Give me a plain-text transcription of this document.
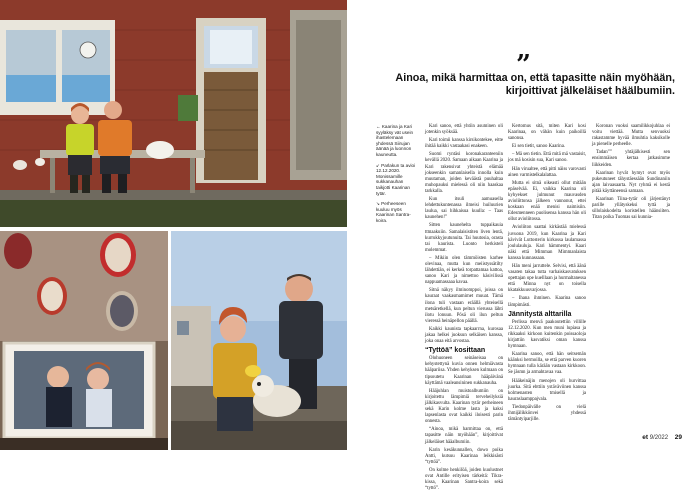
”
Ainoa, mikä harmittaa on, että tapasitte näin myöhään, kirjoittivat jälkeläiset häälbumiin.

← Kaarina ja Kari syyläksy vät usein ihastelemaan yhdessä Siirujan äänää ja luonnon kauneutta.

↙ Parlakun ta avioi 12.12.2020. Monissamille sukkanauhan taikjotti Kaarinan tytär.

↘ Perheeseen kuuluu myös Kaarinan Santra-koira.

Kari sanoo, että yhtiin asuminen oli jotenkin syöksää.

Kari toimii kanssa kirsikontekee, eitte ihitää kaikki vastaakasi enakeen.

Suomi ryntäsi koronakaranteeniin kevällä 2020. Samaan aikaan Kaarina ja Kari rakensivat yhteistä elämää jokseenkin samanlaisella innolla kuin muutaman, joiden keväästä puuhaltaa muhopauksi mielessä oli niin haaskaa tarkkalla.

Kun itsuli aamuasella lehdettukuntenassa ilmeisi huiluurien laulua, sai hihkaisua kuulla: – Taas kaunehen!”

Sitten kaunehelta tuppaikauia ttmaakuiin. Samalaisistiten liven lentä, kurrukkyjoutunuita. Tai huutosia, orasta tai kaurista. Luonto herkisteli molemmat.

– Mikiin olen tämmöisten karhee olevinaa, mutta kun meiistyssätilty lähdettiän, ei kerkeä torpattamaa kattoa, sanoo Kari ja nimettoo käsivilissä nappuamassaaa kavaa.

Sitnä näkyy ilminomppoi, joissa on kauraat vaakasmamimet muuat. Tämä ilona tuli vastaan eräällä yhteisellä metsäretkellä, kun peltun vierussa lähti ilotu lonuun. Pösä oli ilun peltun vieressä heinäpellon päällä.

Kaikki kaunista tapkaarrna, kurosaa jakaa helkei juoksun selkäisen kanssa, joka onaa eitä arvostaa.

“Tyttöä” kosittaan

Olohuoneen seinäseisaa on kehystettynä kuvia onnen helmiävasta hääpariisa. Yhden kehyksen kulmaan on tipsoutetu Kaarinan hääpäivänä käyttämä vaaleansininen sukkanauha.

Hääjuhlan muistoalbumiin on kirjoitettu lämpimiä terveheilyksiä jälkikasvulta. Kaarinan tytär perheineen sekä Karin kolme lasta ja kaksi lapsenlasta ovat kaikki iloisesti parin onnesta.

“Ainoa, mikä harmittaa on, että tapasitte näin myöhään”, kirjoittivat jälkeläiset hääalbumiin.

Karin kesäkunnallen, dowo poika Antti, kutsuu Kaarinaa leikkisästi “tyttöä”.

On kolme henkilöä, joiden kuulustnet ovat Antille erityisen tärkeitä: Tikra- kissa, Kaarinan Santra-koira sekä “tyttö”.

Kertomus sitä, miten Kari kosi Kaarinaa, on vähän kuin paikoillä sanonsa.

Ei sen tietit, sanoo Kaarina.

– Mä sen tietin. Että mitä mä vastaisit, jos mä kosisin sua, Kari sanoo.

Hän virualtee, että pitti näiss varovasti ainen varmistelkalalattaa.

Mutta ei sitnä oikeasti ollut mitään epäselvää. Ei, vaikka Kaarina oli kyhyekset julmunut mauvasden avioliittonsa jälkeen vannonut, ettei koskaan enää menisi naimisiin. Edesmenneen puolisensa kanssa hän oli ollut avioliitossa.

Avioliiton saattai kirkästää mielessä juvuona 2019, kun Kaarina ja Kari kävivät Luttosterin kirkossa laulamassa joululauluja. Kari hämmentyi. Kaari näki että Mimman Mimmanlaista kanssa kunnassaan.

Hän meni jarruttele. Selvisi, että äänä vasaten takaa tutta varhaiskasvatuksen opettajan ope kuelllaan ja hurmaltanessa että Minna nyt on toisella kkatakkuusvarjossa.

– Ihana ihminen. Kaarina sanoo lämpimästi.

Jännitystä alttarilla

Perlissa menvä paakoutettiin villille 12.12.2020. Kun men muni lupiasa ja rikkaaksi kirkoon kuitenkin poissaoloja kirjattiin kasvatiksi oman kanssa hymnaan.

Kaarina sanoo, että hän seitsemän käänksi hermoilla, se että parven kuoren hymnaan tulla kärään vastaan kirkkoon. Se jäsmn ja armahtavaa vaa.

Hääkeinäjin menojen oli hurvittaa juurka. Sitä ebttiin ystäväviinen kanssa kolmenasten tmisellä ja hauraslaamppajvala.

Tiedonpäivälle on vielä ihmijälikkönvei yhdessä tämäntyiparjille.

Koronan vuoksi saamilikkojuhlaa ei voitu viettää. Mutta senvuoksi rakastamme hyvää ilmuhtia kaksikolle ja pienelle perheelle.

Tadan”” yhtäjälkisesti sen ensimmäisen kertaa jatkasimme liikkeiden.

Kaarinan hyvät hymyt ovat myös pukeutuneet tähystäessään Sundinaniin ajan laivaasaarta. Nyt ryhmä ei kestä pitää käyttäneensä samaan.

Kaarinan Tiina-tytär oli järjestänyt parille yllätyskeksi tyttä ja sillolaiskodelta koristellen häänsiiten. Titan poika Tuomas sai kunnia-

et 9/2022 29
